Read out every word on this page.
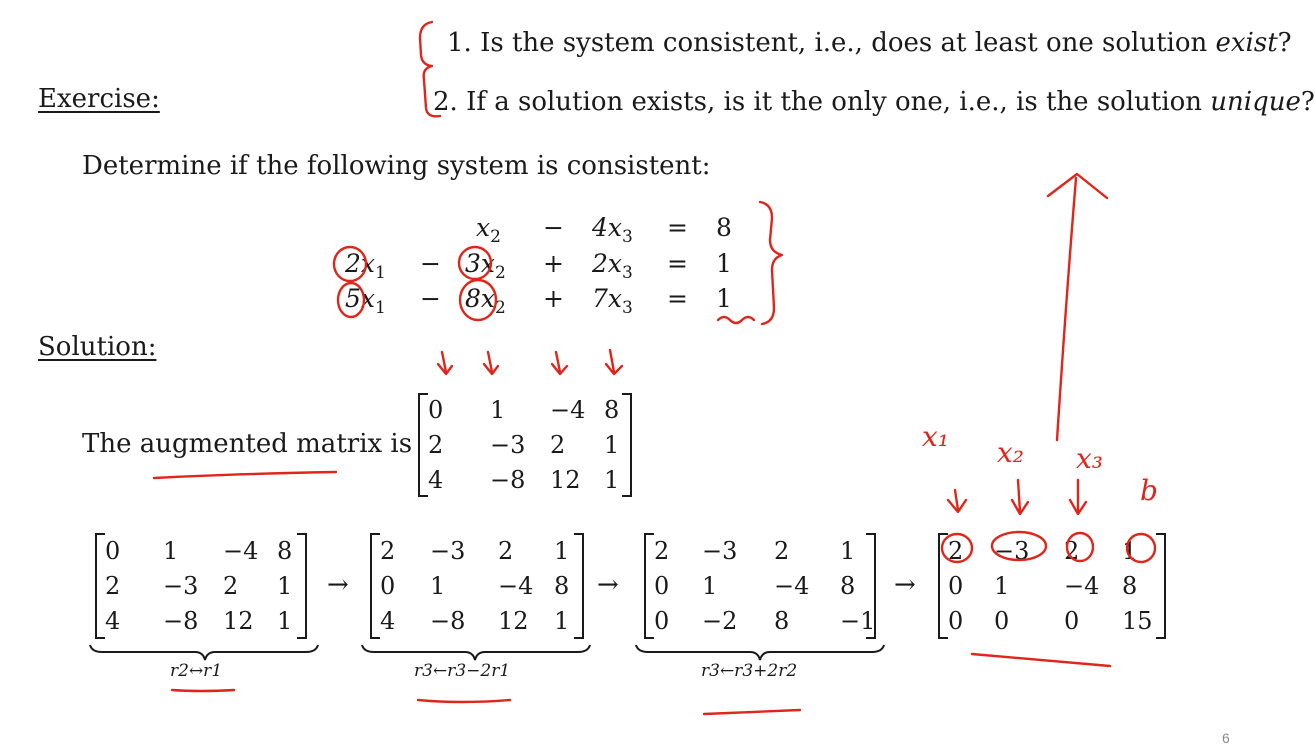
1. Is the system consistent, i.e., does at least one solution exist?
2. If a solution exists, is it the only one, i.e., is the solution unique?
Exercise:
Determine if the following system is consistent:
Solution:
The augmented matrix is
$x_2 - 4x_3 = 8$
$2x_1 - 3x_2 + 2x_3 = 1$
$5x_1 - 8x_2 + 7x_3 = 1$
0 1 −4 8
2 −3 2 1
4 −8 12 1
0 1 −4 8
2 −3 2 1
4 −8 12 1
→
2 −3 2 1
0 1 −4 8
4 −8 12 1
→
2 −3 2 1
0 1 −4 8
0 −2 8 −1
→
2 −3 2 1
0 1 −4 8
0 0 0 15
r2↔r1	r3←r3−2r1	r3←r3+2r2
6
x₁ x₂ x₃
b
